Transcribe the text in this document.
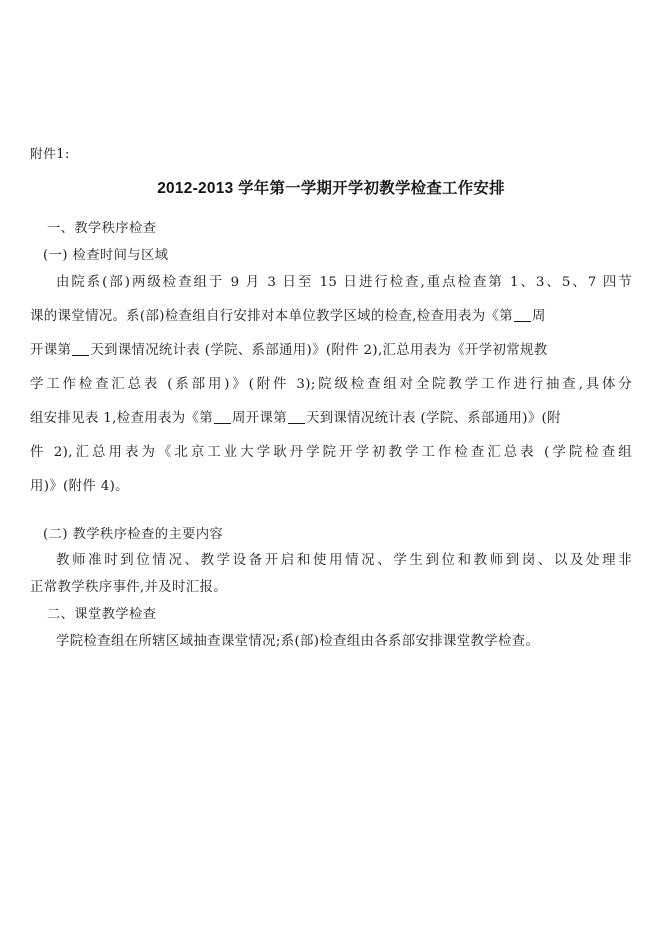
附件1:
2012-2013 学年第一学期开学初教学检查工作安排
一、教学秩序检查
(一) 检查时间与区域
由院系(部)两级检查组于 9 月 3 日至 15 日进行检查,重点检查第 1、3、5、7 四节
课的课堂情况。系(部)检查组自行安排对本单位教学区域的检查,检查用表为《第 周
开课第 天到课情况统计表 (学院、系部通用)》(附件 2),汇总用表为《开学初常规教
学工作检查汇总表 (系部用)》(附件 3);院级检查组对全院教学工作进行抽查,具体分
组安排见表 1,检查用表为《第 周开课第 天到课情况统计表 (学院、系部通用)》(附
件 2),汇总用表为《北京工业大学耿丹学院开学初教学工作检查汇总表 (学院检查组
用)》(附件 4)。
(二) 教学秩序检查的主要内容
教师准时到位情况、教学设备开启和使用情况、学生到位和教师到岗、以及处理非
正常教学秩序事件,并及时汇报。
二、课堂教学检查
学院检查组在所辖区域抽查课堂情况;系(部)检查组由各系部安排课堂教学检查。
